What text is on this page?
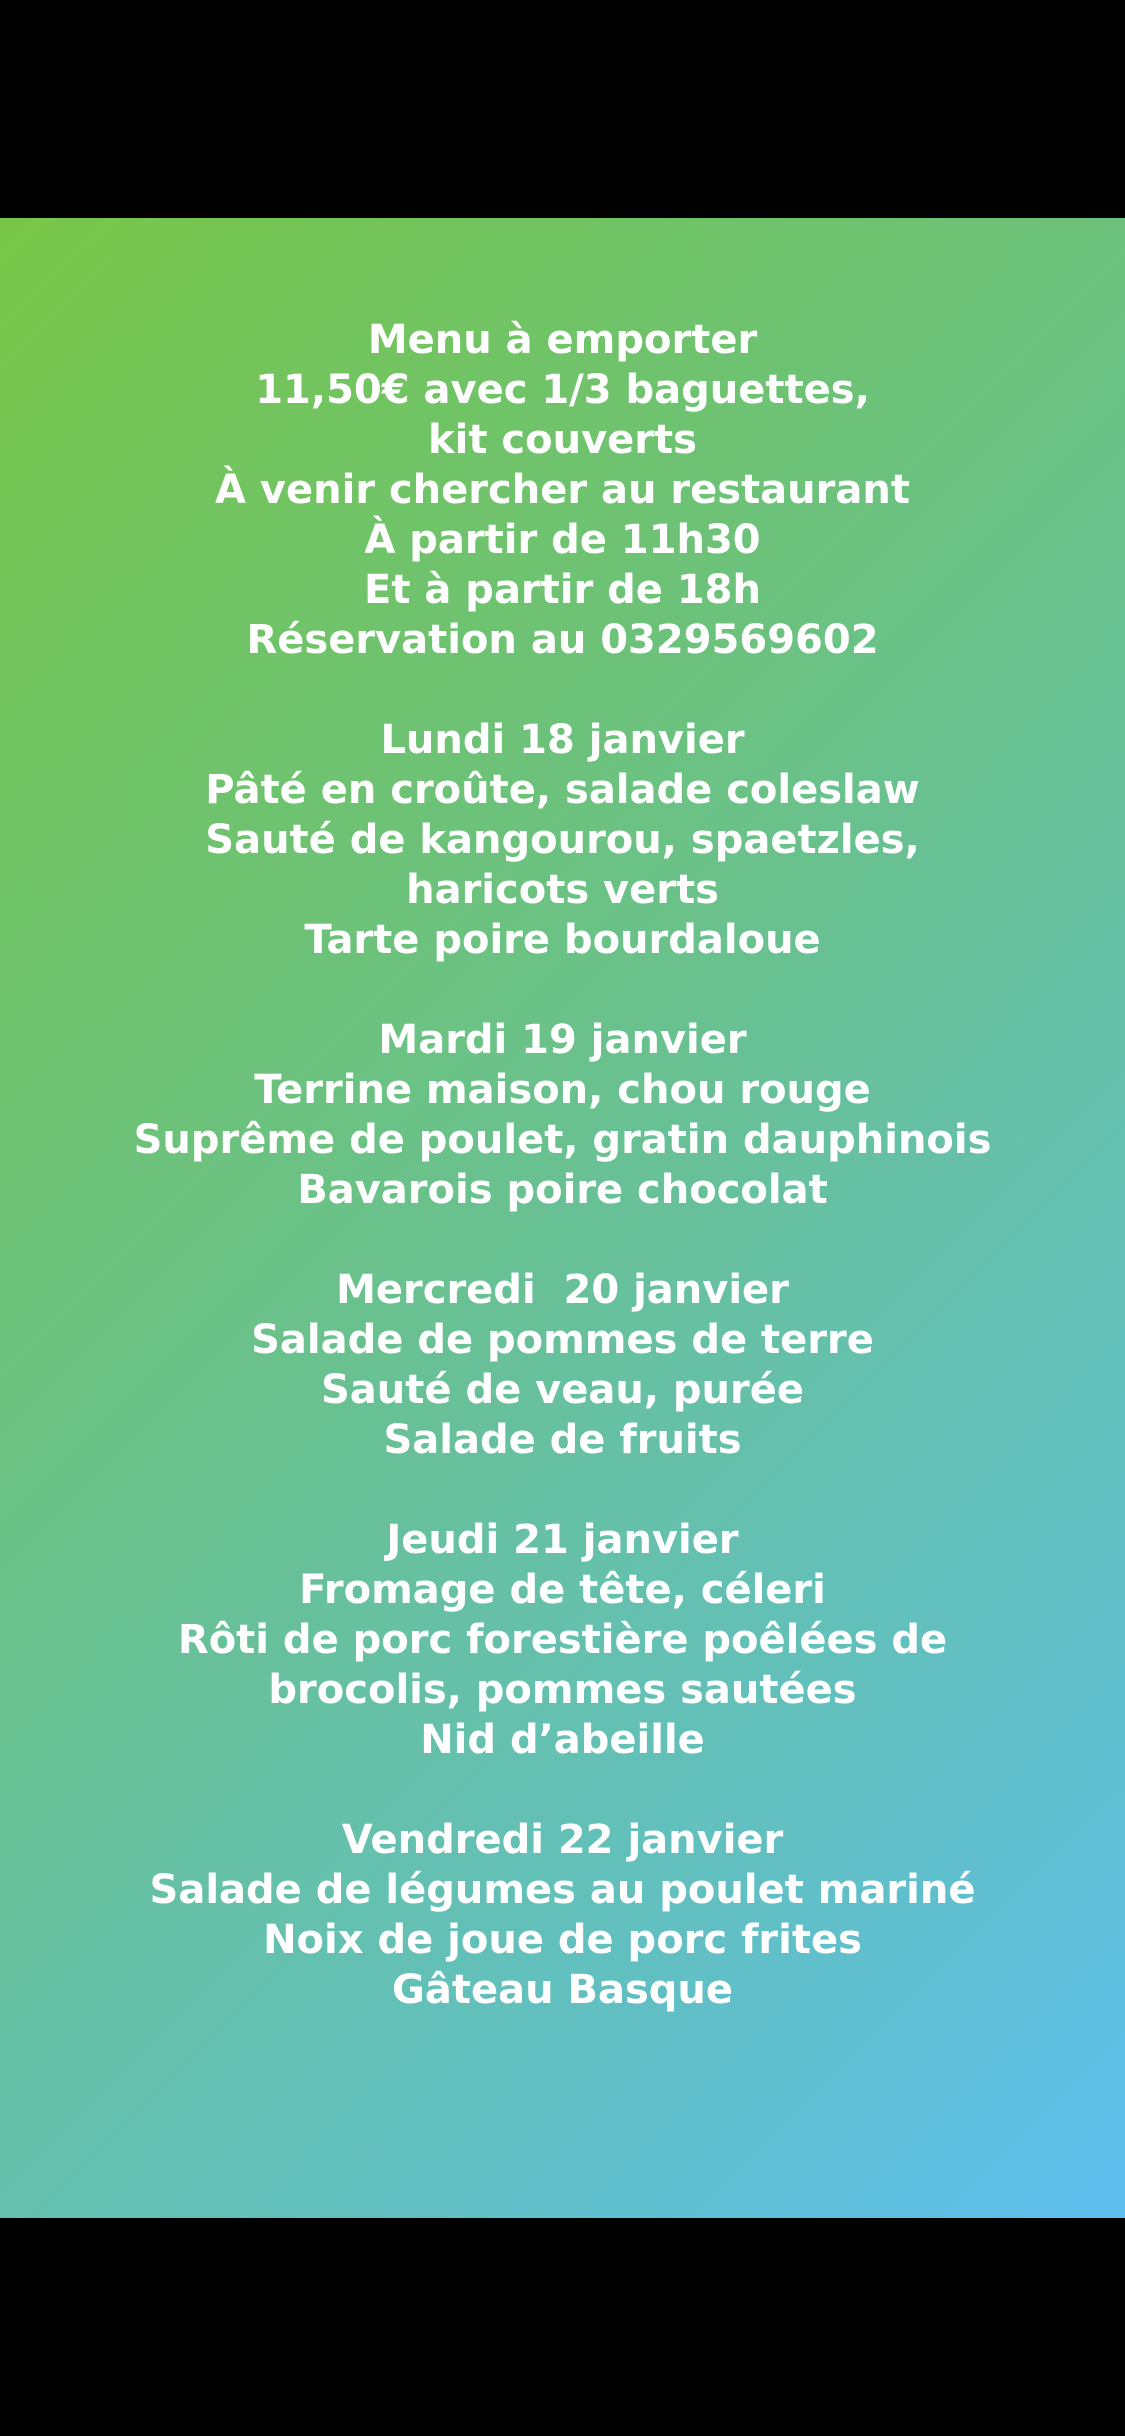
Menu à emporter
11,50€ avec 1/3 baguettes,
kit couverts
À venir chercher au restaurant
À partir de 11h30
Et à partir de 18h
Réservation au 0329569602
Lundi 18 janvier
Pâté en croûte, salade coleslaw
Sauté de kangourou, spaetzles,
haricots verts
Tarte poire bourdaloue
Mardi 19 janvier
Terrine maison, chou rouge
Suprême de poulet, gratin dauphinois
Bavarois poire chocolat
Mercredi  20 janvier
Salade de pommes de terre
Sauté de veau, purée
Salade de fruits
Jeudi 21 janvier
Fromage de tête, céleri
Rôti de porc forestière poêlées de
brocolis, pommes sautées
Nid d’abeille
Vendredi 22 janvier
Salade de légumes au poulet mariné
Noix de joue de porc frites
Gâteau Basque
